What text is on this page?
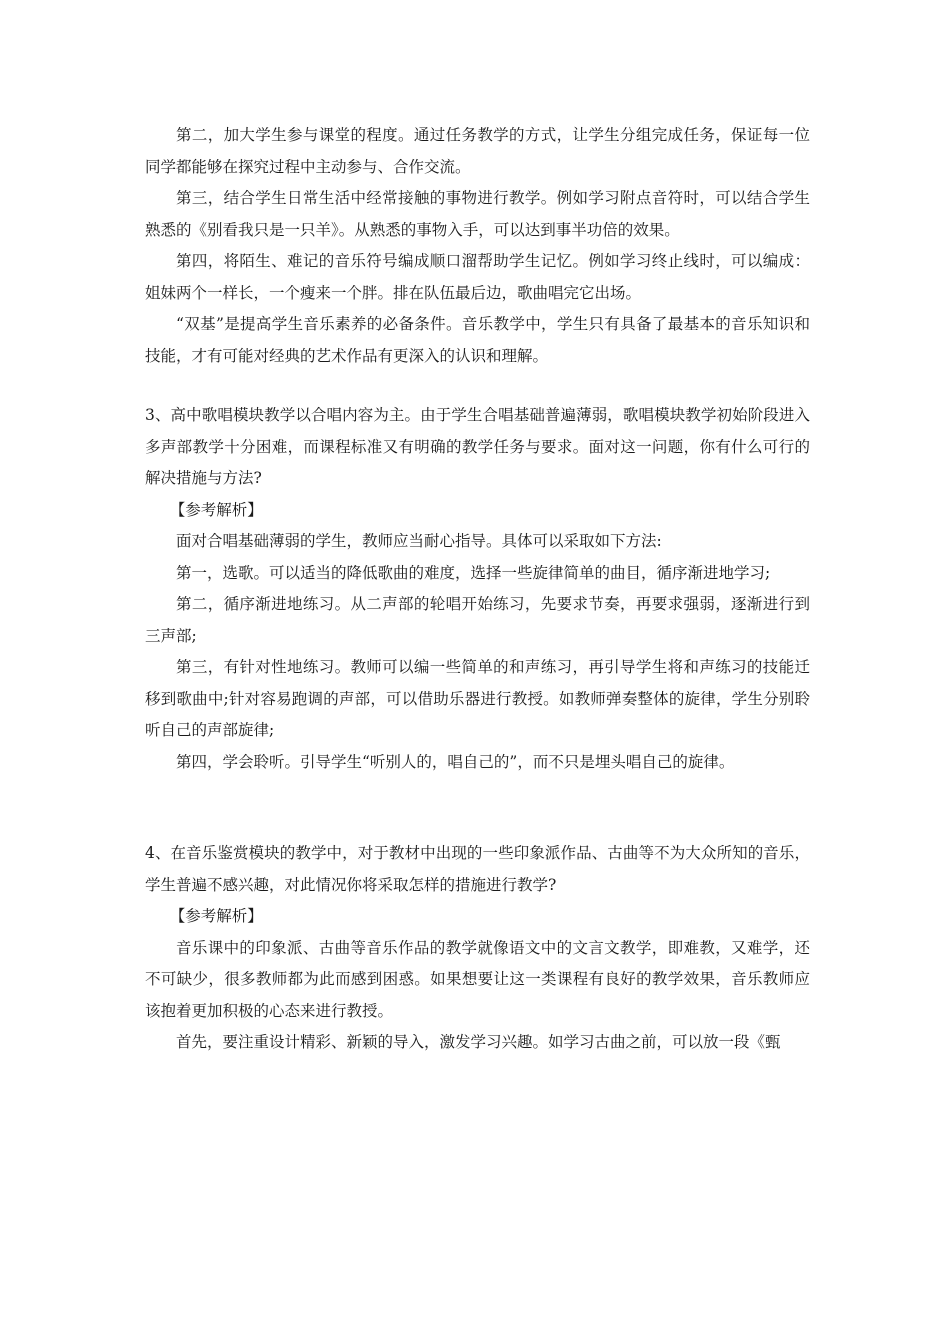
第二，加大学生参与课堂的程度。通过任务教学的方式，让学生分组完成任务，保证每一位同学都能够在探究过程中主动参与、合作交流。

第三，结合学生日常生活中经常接触的事物进行教学。例如学习附点音符时，可以结合学生熟悉的《别看我只是一只羊》。从熟悉的事物入手，可以达到事半功倍的效果。

第四，将陌生、难记的音乐符号编成顺口溜帮助学生记忆。例如学习终止线时，可以编成：姐妹两个一样长，一个瘦来一个胖。排在队伍最后边，歌曲唱完它出场。

“双基”是提高学生音乐素养的必备条件。音乐教学中，学生只有具备了最基本的音乐知识和技能，才有可能对经典的艺术作品有更深入的认识和理解。

3、高中歌唱模块教学以合唱内容为主。由于学生合唱基础普遍薄弱，歌唱模块教学初始阶段进入多声部教学十分困难，而课程标准又有明确的教学任务与要求。面对这一问题，你有什么可行的解决措施与方法?

【参考解析】

面对合唱基础薄弱的学生，教师应当耐心指导。具体可以采取如下方法:

第一，选歌。可以适当的降低歌曲的难度，选择一些旋律简单的曲目，循序渐进地学习;

第二，循序渐进地练习。从二声部的轮唱开始练习，先要求节奏，再要求强弱，逐渐进行到三声部;

第三，有针对性地练习。教师可以编一些简单的和声练习，再引导学生将和声练习的技能迁移到歌曲中;针对容易跑调的声部，可以借助乐器进行教授。如教师弹奏整体的旋律，学生分别聆听自己的声部旋律;

第四，学会聆听。引导学生“听别人的，唱自己的”，而不只是埋头唱自己的旋律。

4、在音乐鉴赏模块的教学中，对于教材中出现的一些印象派作品、古曲等不为大众所知的音乐，学生普遍不感兴趣，对此情况你将采取怎样的措施进行教学?

【参考解析】

音乐课中的印象派、古曲等音乐作品的教学就像语文中的文言文教学，即难教，又难学，还不可缺少，很多教师都为此而感到困惑。如果想要让这一类课程有良好的教学效果，音乐教师应该抱着更加积极的心态来进行教授。

首先，要注重设计精彩、新颖的导入，激发学习兴趣。如学习古曲之前，可以放一段《甄
